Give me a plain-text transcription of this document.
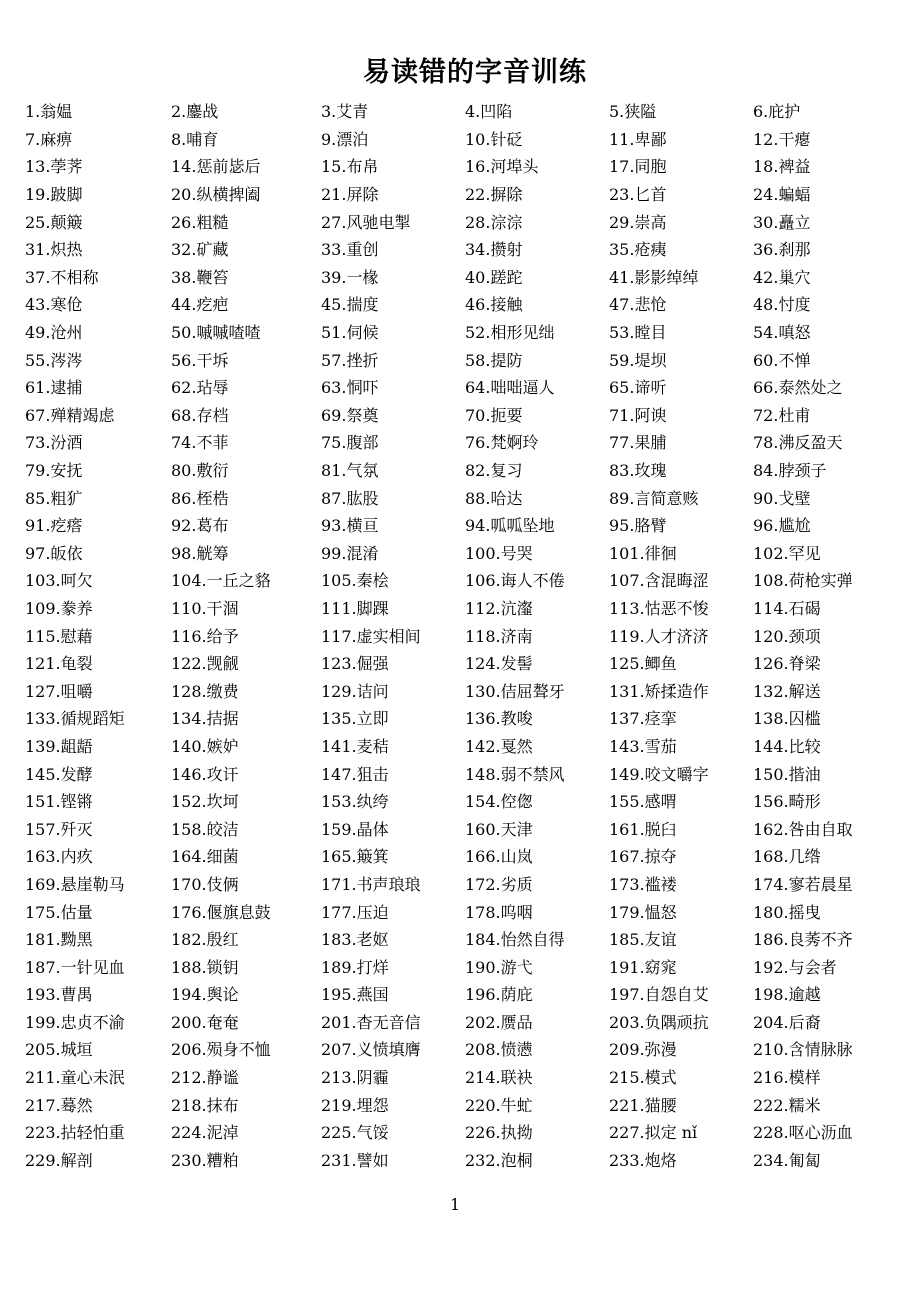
易读错的字音训练
1.翁媪	2.鏖战	3.艾青	4.凹陷	5.狭隘	6.庇护
7.麻痹	8.哺育	9.漂泊	10.针砭	11.卑鄙	12.干瘪
13.荸荠	14.惩前毖后	15.布帛	16.河埠头	17.同胞	18.裨益
19.跛脚	20.纵横捭阖	21.屏除	22.摒除	23.匕首	24.蝙蝠
25.颠簸	26.粗糙	27.风驰电掣	28.淙淙	29.崇高	30.矗立
31.炽热	32.矿藏	33.重创	34.攒射	35.疮痍	36.刹那
37.不相称	38.鞭笞	39.一椽	40.蹉跎	41.影影绰绰	42.巢穴
43.寒伧	44.疙疤	45.揣度	46.接触	47.悲怆	48.忖度
49.沧州	50.嘁嘁喳喳	51.伺候	52.相形见绌	53.瞠目	54.嗔怒
55.涔涔	56.干坼	57.挫折	58.提防	59.堤坝	60.不惮
61.逮捕	62.玷辱	63.恫吓	64.咄咄逼人	65.谛听	66.泰然处之
67.殚精竭虑	68.存档	69.祭奠	70.扼要	71.阿谀	72.杜甫
73.汾酒	74.不菲	75.腹部	76.梵婀玲	77.果脯	78.沸反盈天
79.安抚	80.敷衍	81.气氛	82.复习	83.玫瑰	84.脖颈子
85.粗犷	86.桎梏	87.肱股	88.哈达	89.言简意赅	90.戈壁
91.疙瘩	92.葛布	93.横亘	94.呱呱坠地	95.胳臂	96.尴尬
97.皈依	98.觥筹	99.混淆	100.号哭	101.徘徊	102.罕见
103.呵欠	104.一丘之貉	105.秦桧	106.诲人不倦	107.含混晦涩	108.荷枪实弹
109.豢养	110.干涸	111.脚踝	112.沆瀣	113.怙恶不悛	114.石碣
115.慰藉	116.给予	117.虚实相间	118.济南	119.人才济济	120.颈项
121.龟裂	122.觊觎	123.倔强	124.发髻	125.鲫鱼	126.脊梁
127.咀嚼	128.缴费	129.诘问	130.佶屈聱牙	131.矫揉造作	132.解送
133.循规蹈矩	134.拮据	135.立即	136.教唆	137.痉挛	138.囚槛
139.龃龉	140.嫉妒	141.麦秸	142.戛然	143.雪茄	144.比较
145.发酵	146.攻讦	147.狙击	148.弱不禁风	149.咬文嚼字	150.揩油
151.铿锵	152.坎坷	153.纨绔	154.倥偬	155.感喟	156.畸形
157.歼灭	158.皎洁	159.晶体	160.天津	161.脱臼	162.咎由自取
163.内疚	164.细菌	165.簸箕	166.山岚	167.掠夺	168.几绺
169.悬崖勒马	170.伎俩	171.书声琅琅	172.劣质	173.褴褛	174.寥若晨星
175.估量	176.偃旗息鼓	177.压迫	178.呜咽	179.愠怒	180.摇曳
181.黝黑	182.殷红	183.老妪	184.怡然自得	185.友谊	186.良莠不齐
187.一针见血	188.锁钥	189.打烊	190.游弋	191.窈窕	192.与会者
193.曹禺	194.舆论	195.燕国	196.荫庇	197.自怨自艾	198.逾越
199.忠贞不渝	200.奄奄	201.杳无音信	202.赝品	203.负隅顽抗	204.后裔
205.城垣	206.殒身不恤	207.义愤填膺	208.愤懑	209.弥漫	210.含情脉脉
211.童心未泯	212.静谧	213.阴霾	214.联袂	215.模式	216.模样
217.蓦然	218.抹布	219.埋怨	220.牛虻	221.猫腰	222.糯米
223.拈轻怕重	224.泥淖	225.气馁	226.执拗	227.拟定 nǐ	228.呕心沥血
229.解剖	230.糟粕	231.譬如	232.泡桐	233.炮烙	234.匍匐
1
